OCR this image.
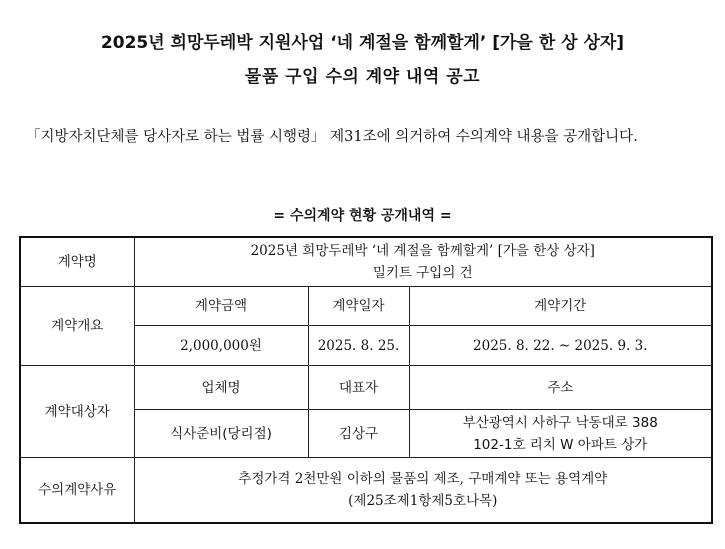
2025년 희망두레박 지원사업 ‘네 계절을 함께할게’ [가을 한 상 상자]
물품 구입 수의 계약 내역 공고
「지방자치단체를 당사자로 하는 법률 시행령」 제31조에 의거하여 수의계약 내용을 공개합니다.
= 수의계약 현황 공개내역 =
계약명	2025년 희망두레박 ‘네 계절을 함께할게’ [가을 한상 상자]
밀키트 구입의 건		

계약개요	계약금액	계약일자	계약기간
	2,000,000원	2025. 8. 25.	2025. 8. 22. ~ 2025. 9. 3.
계약대상자	업체명	대표자	주소
	식사준비(당리점)	김상구	부산광역시 사하구 낙동대로 388
102-1호 리치 W 아파트 상가

수의계약사유	추정가격 2천만원 이하의 물품의 제조, 구매계약 또는 용역계약
(제25조제1항제5호나목)		
